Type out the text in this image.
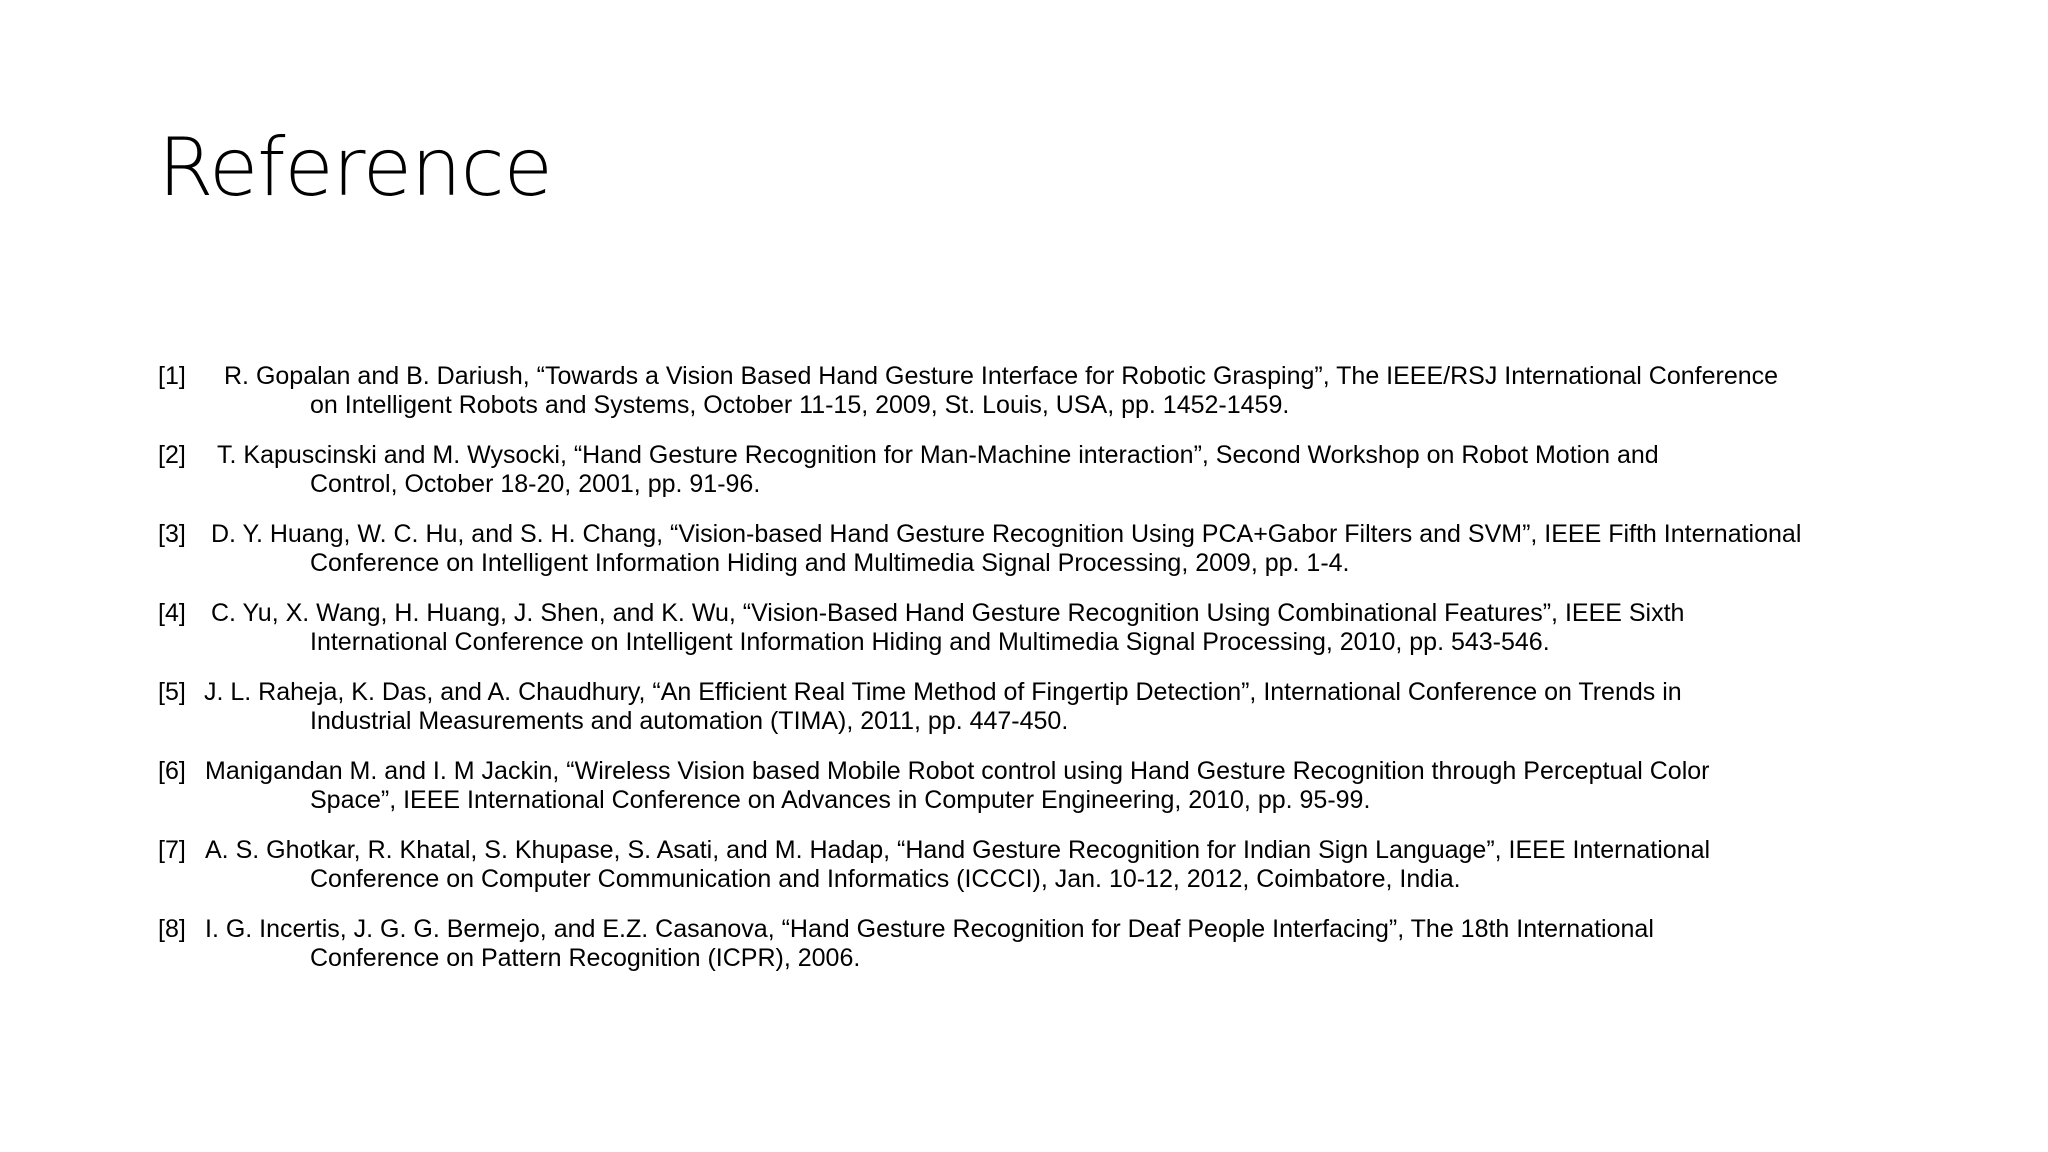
Reference
[1]	R. Gopalan and B. Dariush, “Towards a Vision Based Hand Gesture Interface for Robotic Grasping”, The IEEE/RSJ International Conference
on Intelligent Robots and Systems, October 11-15, 2009, St. Louis, USA, pp. 1452-1459.
[2]	T. Kapuscinski and M. Wysocki, “Hand Gesture Recognition for Man-Machine interaction”, Second Workshop on Robot Motion and
Control, October 18-20, 2001, pp. 91-96.
[3]	D. Y. Huang, W. C. Hu, and S. H. Chang, “Vision-based Hand Gesture Recognition Using PCA+Gabor Filters and SVM”, IEEE Fifth International
Conference on Intelligent Information Hiding and Multimedia Signal Processing, 2009, pp. 1-4.
[4]	C. Yu, X. Wang, H. Huang, J. Shen, and K. Wu, “Vision-Based Hand Gesture Recognition Using Combinational Features”, IEEE Sixth
International Conference on Intelligent Information Hiding and Multimedia Signal Processing, 2010, pp. 543-546.
[5] J. L. Raheja, K. Das, and A. Chaudhury, “An Efficient Real Time Method of Fingertip Detection”, International Conference on Trends in
Industrial Measurements and automation (TIMA), 2011, pp. 447-450.
[6] Manigandan M. and I. M Jackin, “Wireless Vision based Mobile Robot control using Hand Gesture Recognition through Perceptual Color
Space”, IEEE International Conference on Advances in Computer Engineering, 2010, pp. 95-99.
[7] A. S. Ghotkar, R. Khatal, S. Khupase, S. Asati, and M. Hadap, “Hand Gesture Recognition for Indian Sign Language”, IEEE International
Conference on Computer Communication and Informatics (ICCCI), Jan. 10-12, 2012, Coimbatore, India.
[8] I. G. Incertis, J. G. G. Bermejo, and E.Z. Casanova, “Hand Gesture Recognition for Deaf People Interfacing”, The 18th International
Conference on Pattern Recognition (ICPR), 2006.
